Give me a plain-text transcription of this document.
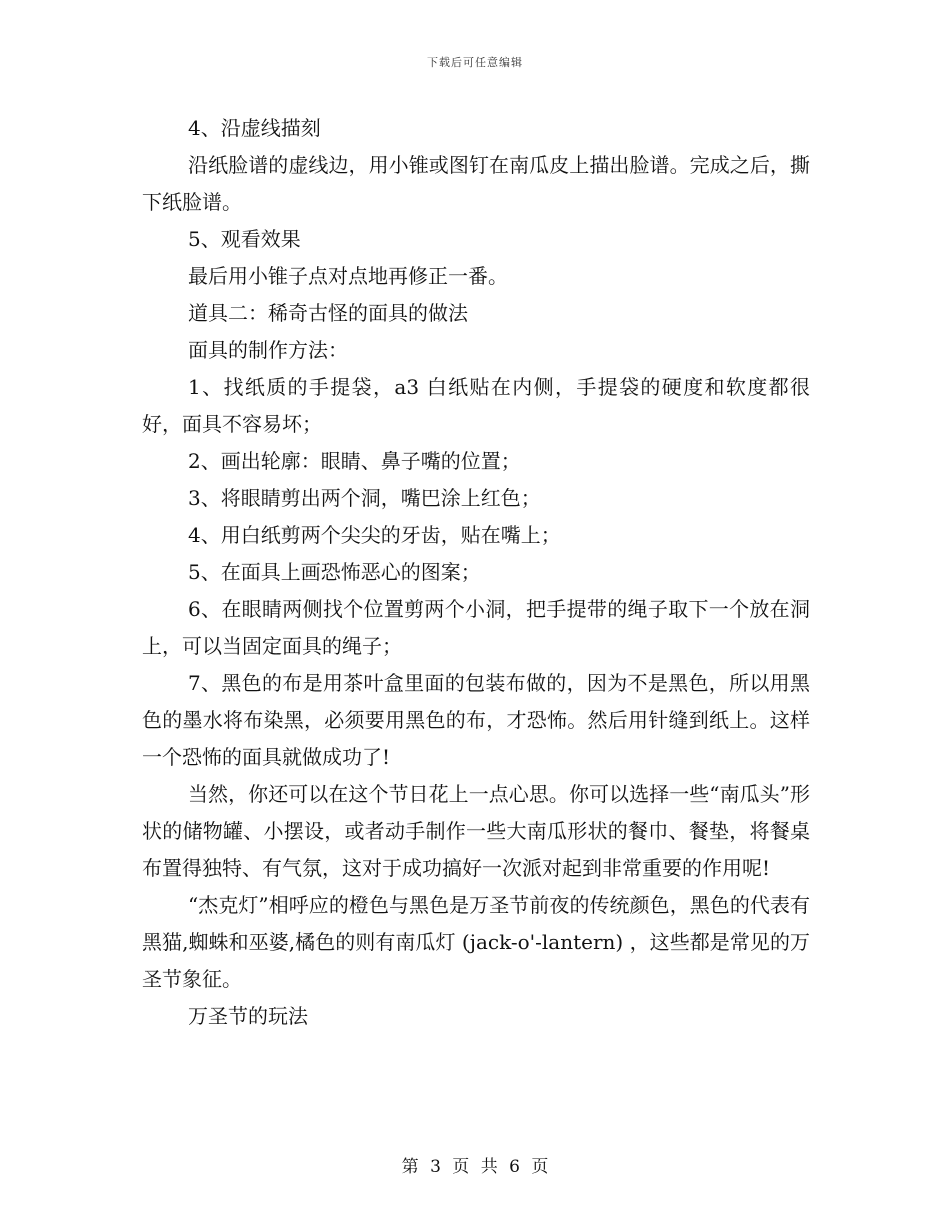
下载后可任意编辑

4、沿虚线描刻

沿纸脸谱的虚线边，用小锥或图钉在南瓜皮上描出脸谱。完成之后，撕下纸脸谱。

5、观看效果

最后用小锥子点对点地再修正一番。

道具二：稀奇古怪的面具的做法

面具的制作方法：

1、找纸质的手提袋，a3 白纸贴在内侧，手提袋的硬度和软度都很好，面具不容易坏；

2、画出轮廓：眼睛、鼻子嘴的位置；

3、将眼睛剪出两个洞，嘴巴涂上红色；

4、用白纸剪两个尖尖的牙齿，贴在嘴上；

5、在面具上画恐怖恶心的图案；

6、在眼睛两侧找个位置剪两个小洞，把手提带的绳子取下一个放在洞上，可以当固定面具的绳子；

7、黑色的布是用茶叶盒里面的包装布做的，因为不是黑色，所以用黑色的墨水将布染黑，必须要用黑色的布，才恐怖。然后用针缝到纸上。这样一个恐怖的面具就做成功了!

当然，你还可以在这个节日花上一点心思。你可以选择一些“南瓜头”形状的储物罐、小摆设，或者动手制作一些大南瓜形状的餐巾、餐垫，将餐桌布置得独特、有气氛，这对于成功搞好一次派对起到非常重要的作用呢!

“杰克灯”相呼应的橙色与黑色是万圣节前夜的传统颜色，黑色的代表有黑猫,蜘蛛和巫婆,橘色的则有南瓜灯 (jack-o'-lantern) ，这些都是常见的万圣节象征。

万圣节的玩法

第 3 页 共 6 页
